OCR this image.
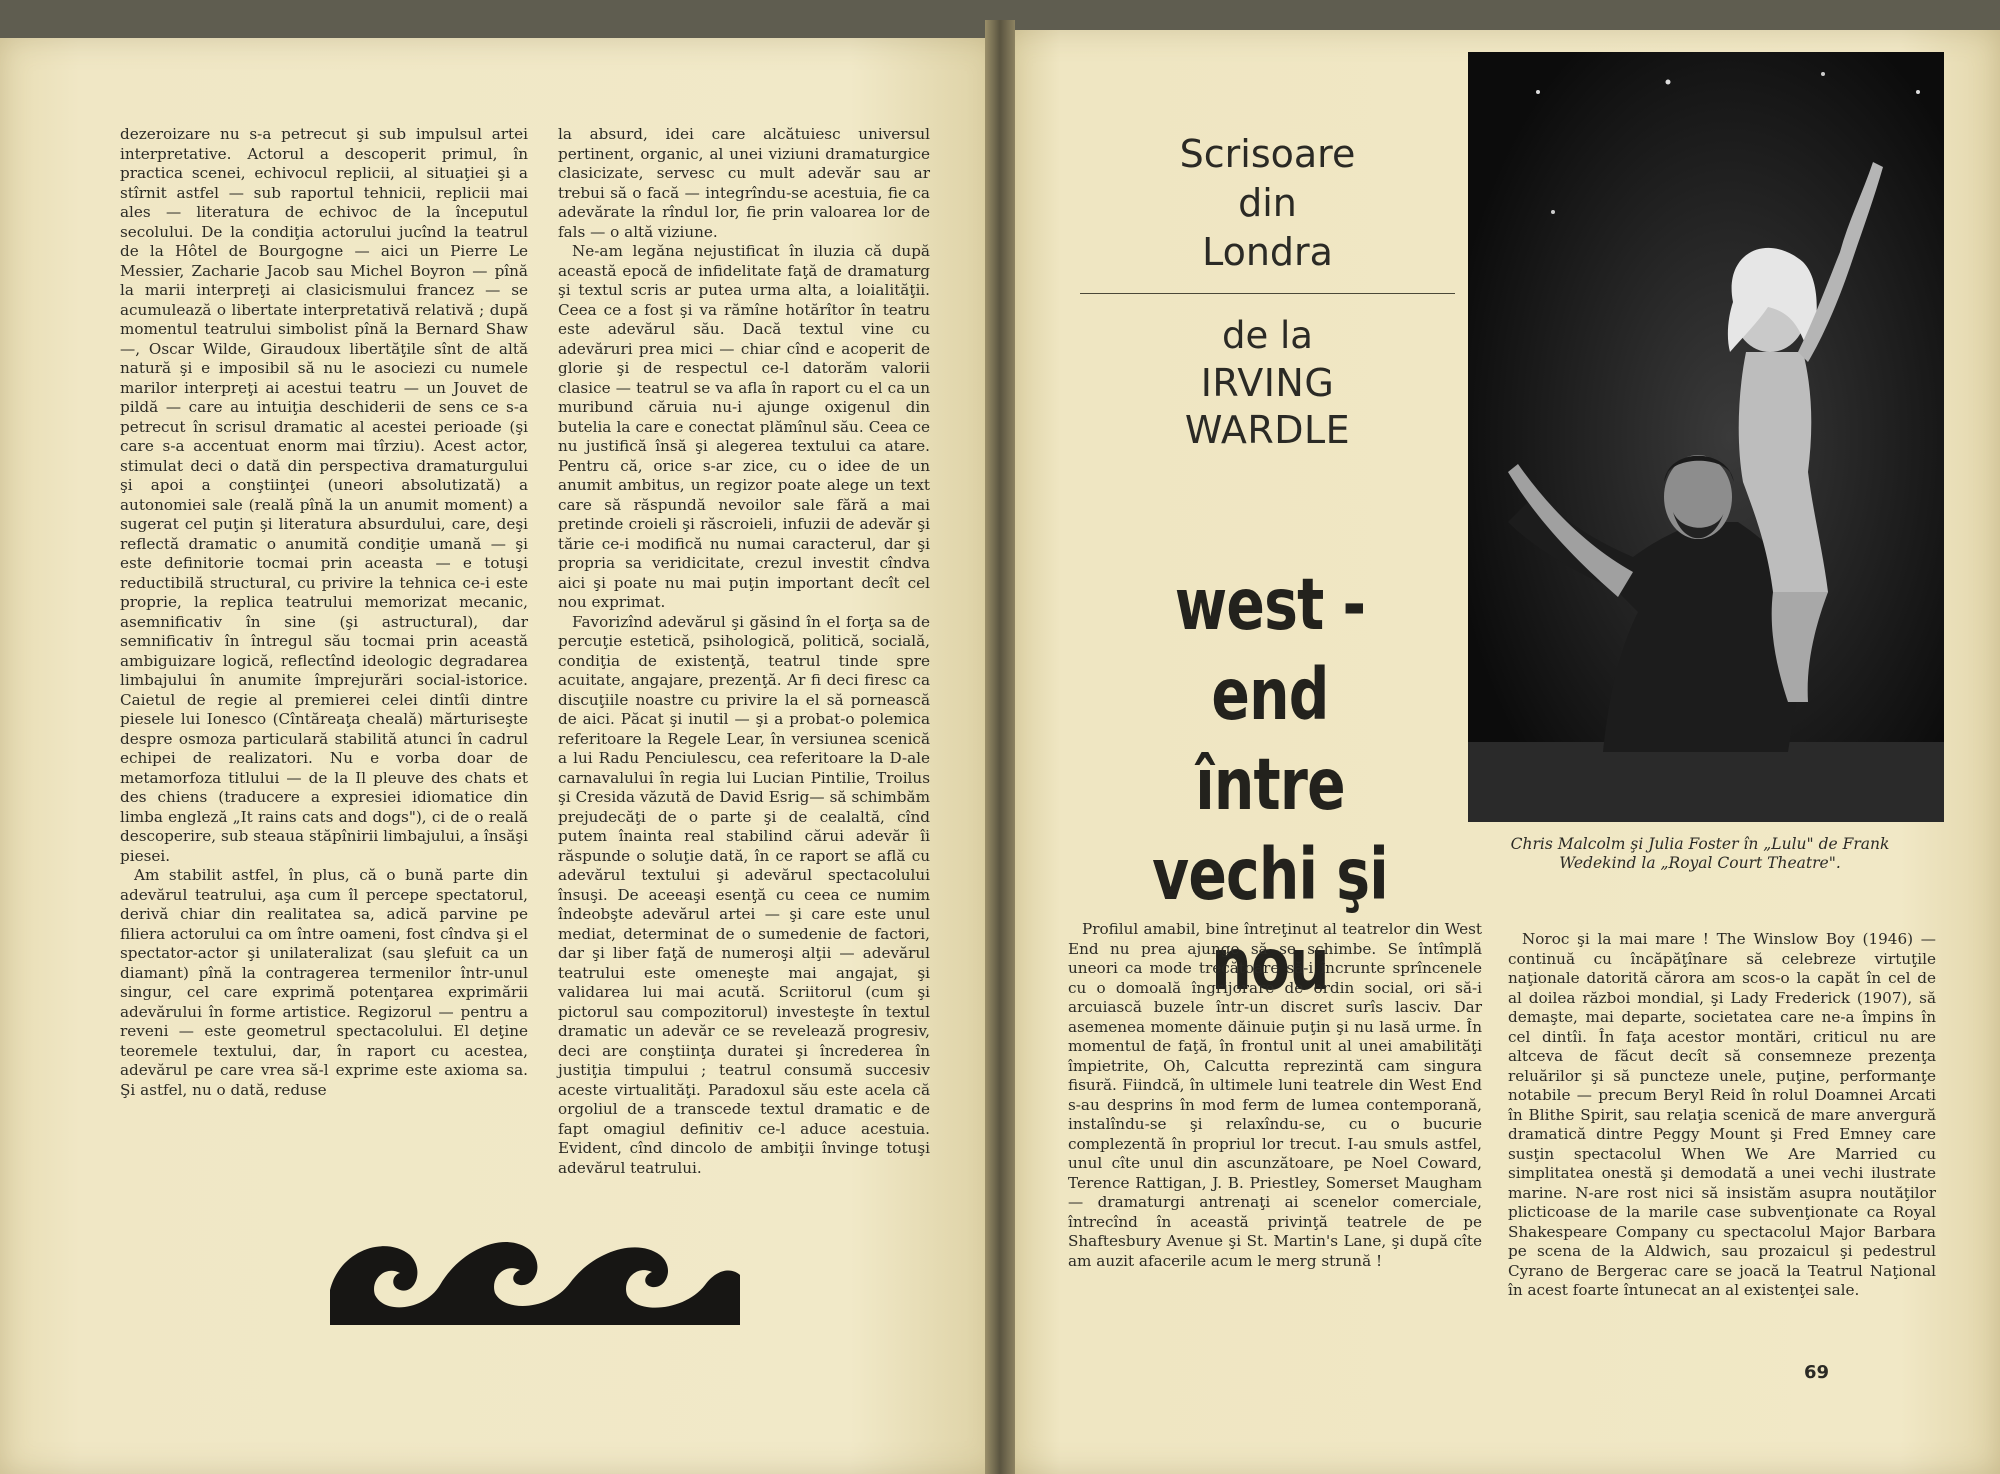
dezeroizare nu s-a petrecut şi sub impulsul artei interpretative. Actorul a descoperit primul, în practica scenei, echivocul replicii, al situaţiei şi a stîrnit astfel — sub raportul tehnicii, replicii mai ales — literatura de echivoc de la începutul secolului. De la condiţia actorului jucînd la teatrul de la Hôtel de Bourgogne — aici un Pierre Le Messier, Zacharie Jacob sau Michel Boyron — pînă la marii interpreţi ai clasicismului francez — se acumulează o libertate interpretativă relativă ; după momentul teatrului simbolist pînă la Bernard Shaw —, Oscar Wilde, Giraudoux libertăţile sînt de altă natură şi e imposibil să nu le asociezi cu numele marilor interpreţi ai acestui teatru — un Jouvet de pildă — care au intuiţia deschiderii de sens ce s-a petrecut în scrisul dramatic al acestei perioade (şi care s-a accentuat enorm mai tîrziu). Acest actor, stimulat deci o dată din perspectiva dramaturgului şi apoi a conştiinţei (uneori absolutizată) a autonomiei sale (reală pînă la un anumit moment) a sugerat cel puţin şi literatura absurdului, care, deşi reflectă dramatic o anumită condiţie umană — şi este definitorie tocmai prin aceasta — e totuşi reductibilă structural, cu privire la tehnica ce-i este proprie, la replica teatrului memorizat mecanic, asemnificativ în sine (şi astructural), dar semnificativ în întregul său tocmai prin această ambiguizare logică, reflectînd ideologic degradarea limbajului în anumite împrejurări social-istorice. Caietul de regie al premierei celei dintîi dintre piesele lui Ionesco (Cîntăreaţa cheală) mărturiseşte despre osmoza particulară stabilită atunci în cadrul echipei de realizatori. Nu e vorba doar de metamorfoza titlului — de la Il pleuve des chats et des chiens (traducere a expresiei idiomatice din limba engleză „It rains cats and dogs"), ci de o reală descoperire, sub steaua stăpînirii limbajului, a însăşi piesei.

Am stabilit astfel, în plus, că o bună parte din adevărul teatrului, aşa cum îl percepe spectatorul, derivă chiar din realitatea sa, adică parvine pe filiera actorului ca om între oameni, fost cîndva şi el spectator-actor şi unilateralizat (sau şlefuit ca un diamant) pînă la contragerea termenilor într-unul singur, cel care exprimă potenţarea exprimării adevărului în forme artistice. Regizorul — pentru a reveni — este geometrul spectacolului. El deţine teoremele textului, dar, în raport cu acestea, adevărul pe care vrea să-l exprime este axioma sa. Şi astfel, nu o dată, reduse

la absurd, idei care alcătuiesc universul pertinent, organic, al unei viziuni dramaturgice clasicizate, servesc cu mult adevăr sau ar trebui să o facă — integrîndu-se acestuia, fie ca adevărate la rîndul lor, fie prin valoarea lor de fals — o altă viziune.

Ne-am legăna nejustificat în iluzia că după această epocă de infidelitate faţă de dramaturg şi textul scris ar putea urma alta, a loialităţii. Ceea ce a fost şi va rămîne hotărîtor în teatru este adevărul său. Dacă textul vine cu adevăruri prea mici — chiar cînd e acoperit de glorie şi de respectul ce-l datorăm valorii clasice — teatrul se va afla în raport cu el ca un muribund căruia nu-i ajunge oxigenul din butelia la care e conectat plămînul său. Ceea ce nu justifică însă şi alegerea textului ca atare. Pentru că, orice s-ar zice, cu o idee de un anumit ambitus, un regizor poate alege un text care să răspundă nevoilor sale fără a mai pretinde croieli şi răscroieli, infuzii de adevăr şi tărie ce-i modifică nu numai caracterul, dar şi propria sa veridicitate, crezul investit cîndva aici şi poate nu mai puţin important decît cel nou exprimat.

Favorizînd adevărul şi găsind în el forţa sa de percuţie estetică, psihologică, politică, socială, condiţia de existenţă, teatrul tinde spre acuitate, angajare, prezenţă. Ar fi deci firesc ca discuţiile noastre cu privire la el să pornească de aici. Păcat şi inutil — şi a probat-o polemica referitoare la Regele Lear, în versiunea scenică a lui Radu Penciulescu, cea referitoare la D-ale carnavalului în regia lui Lucian Pintilie, Troilus şi Cresida văzută de David Esrig— să schimbăm prejudecăţi de o parte şi de cealaltă, cînd putem înainta real stabilind cărui adevăr îi răspunde o soluţie dată, în ce raport se află cu adevărul textului şi adevărul spectacolului însuşi. De aceeaşi esenţă cu ceea ce numim îndeobşte adevărul artei — şi care este unul mediat, determinat de o sumedenie de factori, dar şi liber faţă de numeroşi alţii — adevărul teatrului este omeneşte mai angajat, şi validarea lui mai acută. Scriitorul (cum şi pictorul sau compozitorul) investeşte în textul dramatic un adevăr ce se revelează progresiv, deci are conştiinţa duratei şi încrederea în justiţia timpului ; teatrul consumă succesiv aceste virtualităţi. Paradoxul său este acela că orgoliul de a transcede textul dramatic e de fapt omagiul definitiv ce-l aduce acestuia. Evident, cînd dincolo de ambiţii învinge totuşi adevărul teatrului.

Scrisoare
din
Londra
de la
IRVING
WARDLE
west - end
între
vechi şi nou
Chris Malcolm şi Julia Foster în „Lulu" de Frank Wedekind la „Royal Court Theatre".

Profilul amabil, bine întreţinut al teatrelor din West End nu prea ajunge să se schimbe. Se întîmplă uneori ca mode trecătoare să-i încrunte sprîncenele cu o domoală îngrijorare de ordin social, ori să-i arcuiască buzele într-un discret surîs lasciv. Dar asemenea momente dăinuie puţin şi nu lasă urme. În momentul de faţă, în frontul unit al unei amabilităţi împietrite, Oh, Calcutta reprezintă cam singura fisură. Fiindcă, în ultimele luni teatrele din West End s-au desprins în mod ferm de lumea contemporană, instalîndu-se şi relaxîndu-se, cu o bucurie complezentă în propriul lor trecut. I-au smuls astfel, unul cîte unul din ascunzătoare, pe Noel Coward, Terence Rattigan, J. B. Priestley, Somerset Maugham — dramaturgi antrenaţi ai scenelor comerciale, întrecînd în această privinţă teatrele de pe Shaftesbury Avenue şi St. Martin's Lane, şi după cîte am auzit afacerile acum le merg strună !

Noroc şi la mai mare ! The Winslow Boy (1946) — continuă cu încăpăţînare să celebreze virtuţile naţionale datorită cărora am scos-o la capăt în cel de al doilea război mondial, şi Lady Frederick (1907), să demaşte, mai departe, societatea care ne-a împins în cel dintîi. În faţa acestor montări, criticul nu are altceva de făcut decît să consemneze prezenţa reluărilor şi să puncteze unele, puţine, performanţe notabile — precum Beryl Reid în rolul Doamnei Arcati în Blithe Spirit, sau relaţia scenică de mare anvergură dramatică dintre Peggy Mount şi Fred Emney care susţin spectacolul When We Are Married cu simplitatea onestă şi demodată a unei vechi ilustrate marine. N-are rost nici să insistăm asupra noutăţilor plicticoase de la marile case subvenţionate ca Royal Shakespeare Company cu spectacolul Major Barbara pe scena de la Aldwich, sau prozaicul şi pedestrul Cyrano de Bergerac care se joacă la Teatrul Naţional în acest foarte întunecat an al existenţei sale.

69
